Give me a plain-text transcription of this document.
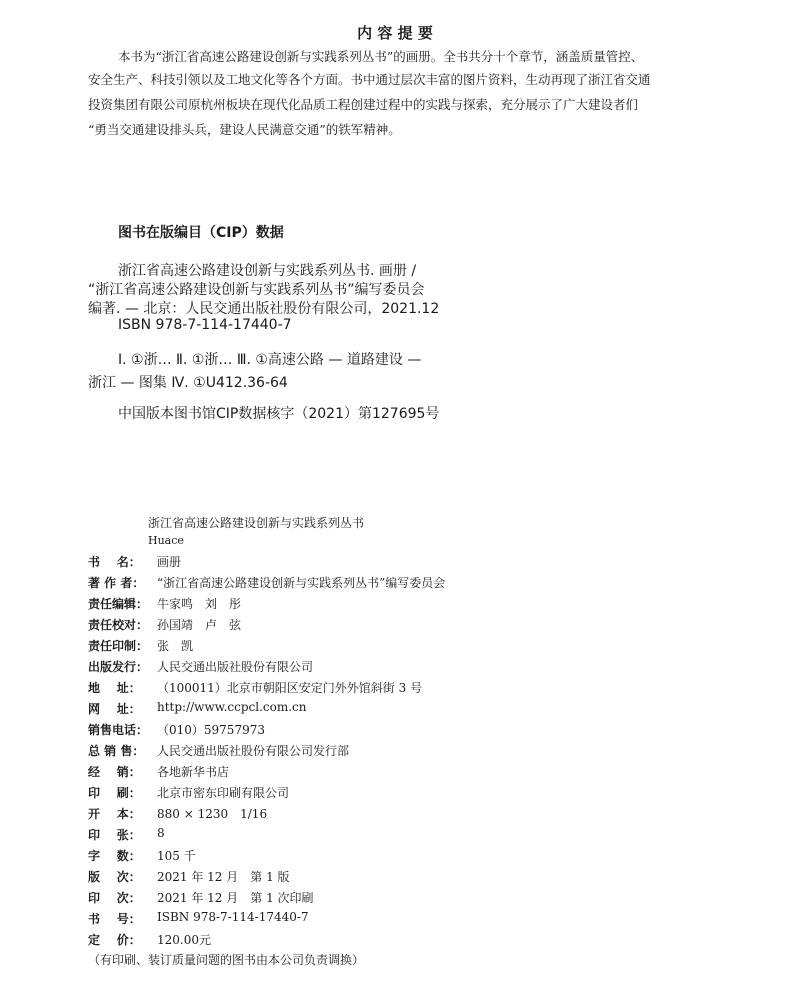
内 容 提 要
本书为“浙江省高速公路建设创新与实践系列丛书”的画册。全书共分十个章节，涵盖质量管控、
安全生产、科技引领以及工地文化等各个方面。书中通过层次丰富的图片资料，生动再现了浙江省交通
投资集团有限公司原杭州板块在现代化品质工程创建过程中的实践与探索，充分展示了广大建设者们
“勇当交通建设排头兵，建设人民满意交通”的铁军精神。
图书在版编目（CIP）数据
浙江省高速公路建设创新与实践系列丛书. 画册 /
“浙江省高速公路建设创新与实践系列丛书”编写委员会
编著. — 北京：人民交通出版社股份有限公司，2021.12
ISBN 978-7-114-17440-7
Ⅰ. ①浙… Ⅱ. ①浙… Ⅲ. ①高速公路 — 道路建设 —
浙江 — 图集 Ⅳ. ①U412.36-64
中国版本图书馆CIP数据核字（2021）第127695号
浙江省高速公路建设创新与实践系列丛书
Huace
书    名：	画册
著 作 者：	“浙江省高速公路建设创新与实践系列丛书”编写委员会
责任编辑： 牛家鸣　刘　彤
责任校对： 孙国靖　卢　弦
责任印制： 张　凯
出版发行： 人民交通出版社股份有限公司
地    址：	（100011）北京市朝阳区安定门外外馆斜街 3 号
网    址：	http://www.ccpcl.com.cn
销售电话： （010）59757973
总 销 售：	人民交通出版社股份有限公司发行部
经    销：	各地新华书店
印    刷：	北京市密东印刷有限公司
开    本：	880 × 1230　1/16
印    张：	8
字    数：	105 千
版    次：	2021 年 12 月　第 1 版
印    次：	2021 年 12 月　第 1 次印刷
书    号：	ISBN 978-7-114-17440-7
定    价：	120.00元
（有印刷、装订质量问题的图书由本公司负责调换）
